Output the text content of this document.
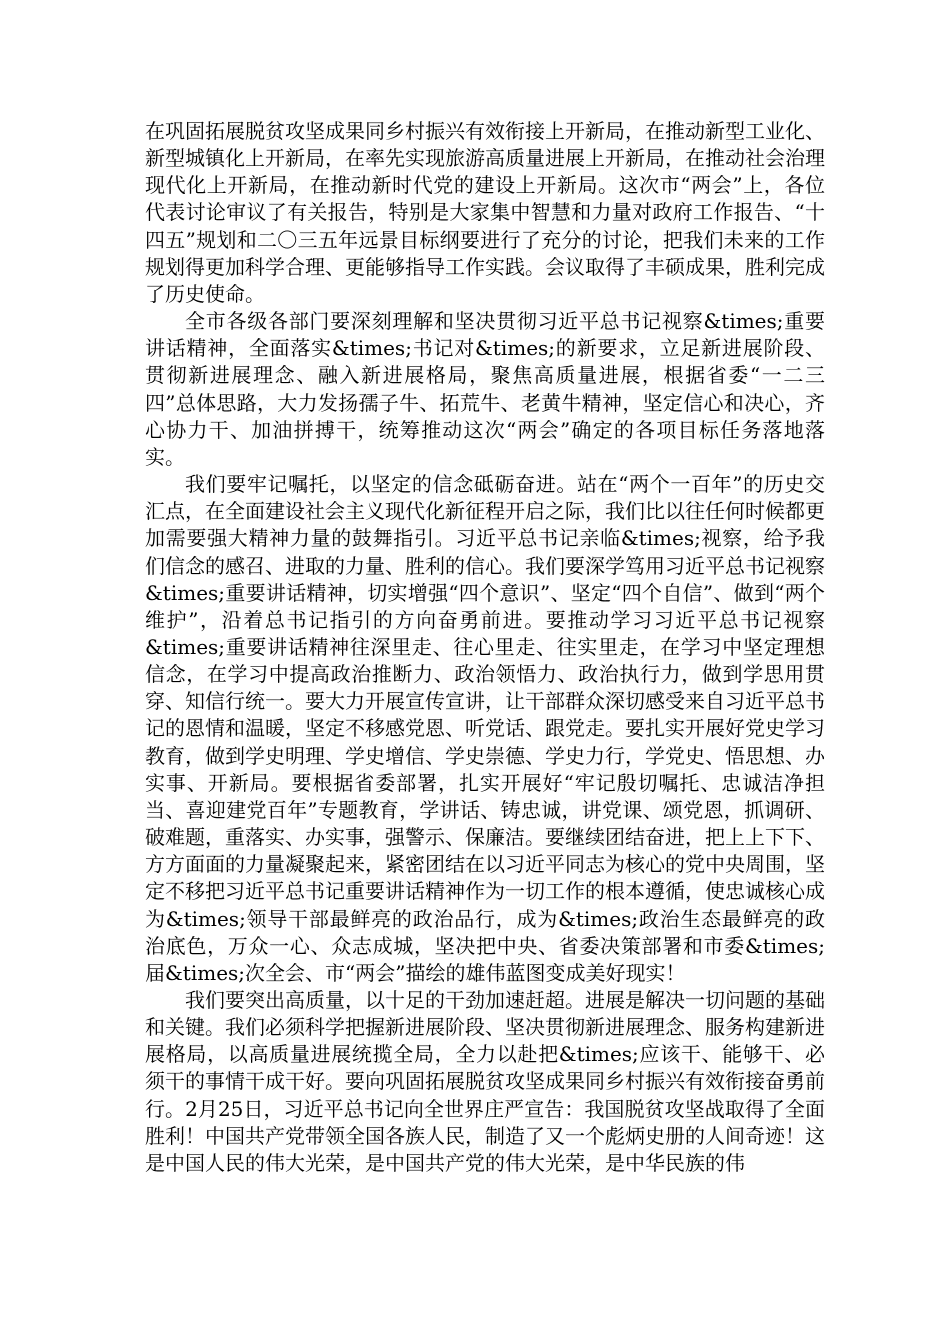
在巩固拓展脱贫攻坚成果同乡村振兴有效衔接上开新局，在推动新型工业化、新型城镇化上开新局，在率先实现旅游高质量进展上开新局，在推动社会治理现代化上开新局，在推动新时代党的建设上开新局。这次市“两会”上，各位代表讨论审议了有关报告，特别是大家集中智慧和力量对政府工作报告、“十四五”规划和二〇三五年远景目标纲要进行了充分的讨论，把我们未来的工作规划得更加科学合理、更能够指导工作实践。会议取得了丰硕成果，胜利完成了历史使命。

全市各级各部门要深刻理解和坚决贯彻习近平总书记视察&times;重要讲话精神，全面落实&times;书记对&times;的新要求，立足新进展阶段、贯彻新进展理念、融入新进展格局，聚焦高质量进展，根据省委“一二三四”总体思路，大力发扬孺子牛、拓荒牛、老黄牛精神，坚定信心和决心，齐心协力干、加油拼搏干，统筹推动这次“两会”确定的各项目标任务落地落实。

我们要牢记嘱托，以坚定的信念砥砺奋进。站在“两个一百年”的历史交汇点，在全面建设社会主义现代化新征程开启之际，我们比以往任何时候都更加需要强大精神力量的鼓舞指引。习近平总书记亲临&times;视察，给予我们信念的感召、进取的力量、胜利的信心。我们要深学笃用习近平总书记视察&times;重要讲话精神，切实增强“四个意识”、坚定“四个自信”、做到“两个维护”，沿着总书记指引的方向奋勇前进。要推动学习习近平总书记视察&times;重要讲话精神往深里走、往心里走、往实里走，在学习中坚定理想信念，在学习中提高政治推断力、政治领悟力、政治执行力，做到学思用贯穿、知信行统一。要大力开展宣传宣讲，让干部群众深切感受来自习近平总书记的恩情和温暖，坚定不移感党恩、听党话、跟党走。要扎实开展好党史学习教育，做到学史明理、学史增信、学史崇德、学史力行，学党史、悟思想、办实事、开新局。要根据省委部署，扎实开展好“牢记殷切嘱托、忠诚洁净担当、喜迎建党百年”专题教育，学讲话、铸忠诚，讲党课、颂党恩，抓调研、破难题，重落实、办实事，强警示、保廉洁。要继续团结奋进，把上上下下、方方面面的力量凝聚起来，紧密团结在以习近平同志为核心的党中央周围，坚定不移把习近平总书记重要讲话精神作为一切工作的根本遵循，使忠诚核心成为&times;领导干部最鲜亮的政治品行，成为&times;政治生态最鲜亮的政治底色，万众一心、众志成城，坚决把中央、省委决策部署和市委&times;届&times;次全会、市“两会”描绘的雄伟蓝图变成美好现实！

我们要突出高质量，以十足的干劲加速赶超。进展是解决一切问题的基础和关键。我们必须科学把握新进展阶段、坚决贯彻新进展理念、服务构建新进展格局，以高质量进展统揽全局，全力以赴把&times;应该干、能够干、必须干的事情干成干好。要向巩固拓展脱贫攻坚成果同乡村振兴有效衔接奋勇前行。2月25日，习近平总书记向全世界庄严宣告：我国脱贫攻坚战取得了全面胜利！中国共产党带领全国各族人民，制造了又一个彪炳史册的人间奇迹！这是中国人民的伟大光荣，是中国共产党的伟大光荣，是中华民族的伟
